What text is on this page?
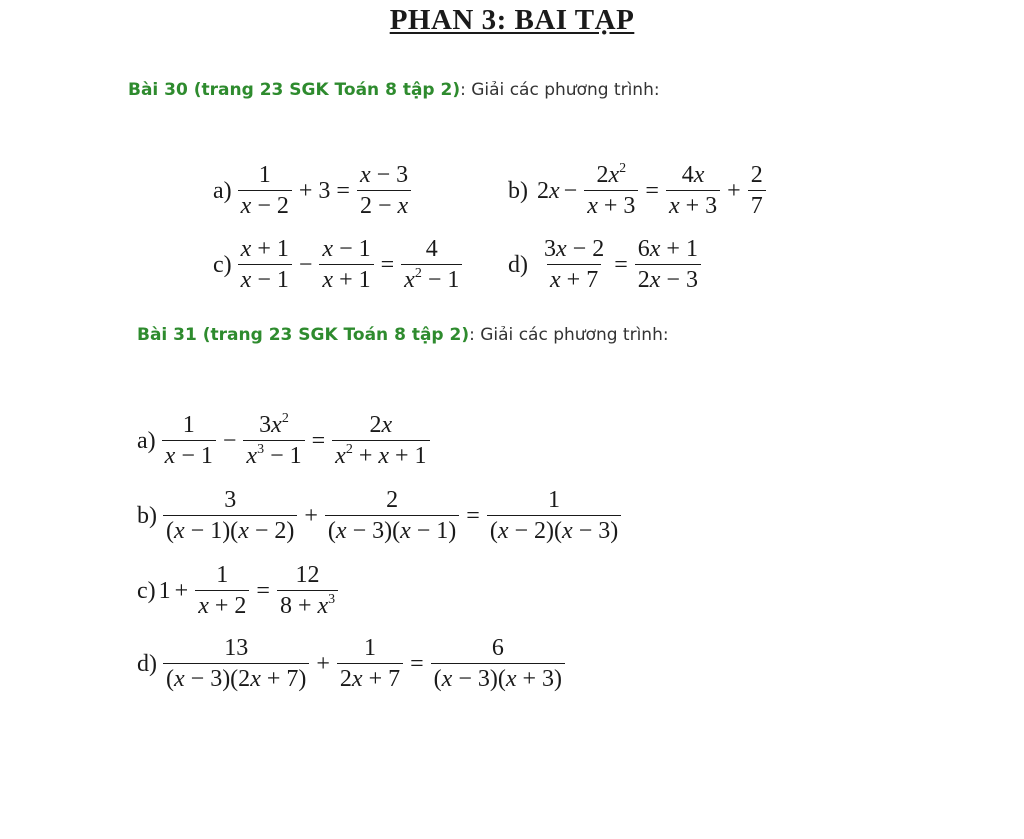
PHAN 3: BAI TẠP
Bài 30 (trang 23 SGK Toán 8 tập 2): Giải các phương trình:
$a) \frac{1}{x - 2} + 3 = \frac{x - 3}{2 - x}$	b) $2x - \frac{2x^2}{x + 3} = \frac{4x}{x + 3} + \frac{2}{7}$
$c) \frac{x + 1}{x - 1} - \frac{x - 1}{x + 1} = \frac{4}{x^2 - 1} d) \frac{3x - 2}{x + 7} = \frac{6x + 1}{2x - 3}$
Bài 31 (trang 23 SGK Toán 8 tập 2): Giải các phương trình:
$a) \frac{1}{x - 1} - \frac{3x^2}{x^3 - 1} = \frac{2x}{x^2 + x + 1}$
$b) \frac{3}{(x - 1)(x - 2)} + \frac{2}{(x - 3)(x - 1)} = \frac{1}{(x - 2)(x - 3)}$
c) $1 + \frac{1}{x + 2} = \frac{12}{8 + x^3}$
$d) \frac{13}{(x - 3)(2x + 7)} + \frac{1}{2x + 7} = \frac{6}{(x - 3)(x + 3)}$
